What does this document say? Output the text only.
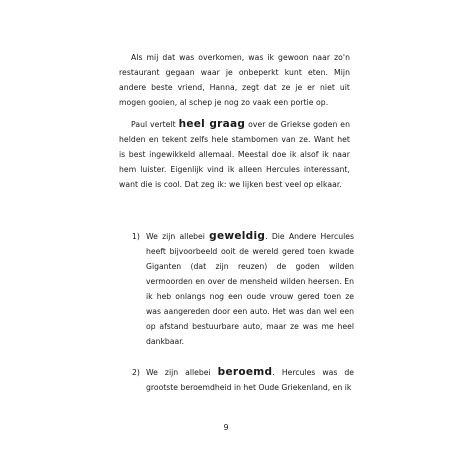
Als mij dat was overkomen, was ik gewoon naar zo'n restaurant gegaan waar je onbeperkt kunt eten. Mijn andere beste vriend, Hanna, zegt dat ze je er niet uit mogen gooien, al schep je nog zo vaak een portie op.

Paul vertelt heel graag over de Griekse goden en helden en tekent zelfs hele stambomen van ze. Want het is best ingewikkeld allemaal. Meestal doe ik alsof ik naar hem luister. Eigenlijk vind ik alleen Hercules interessant, want die is cool. Dat zeg ik: we lijken best veel op elkaar.

1) We zijn allebei geweldig. Die Andere Hercules heeft bijvoorbeeld ooit de wereld gered toen kwade Giganten (dat zijn reuzen) de goden wilden vermoorden en over de mensheid wilden heersen. En ik heb onlangs nog een oude vrouw gered toen ze was aangereden door een auto. Het was dan wel een op afstand bestuurbare auto, maar ze was me heel dankbaar.
2) We zijn allebei beroemd. Hercules was de grootste beroemdheid in het Oude Griekenland, en ik
9
